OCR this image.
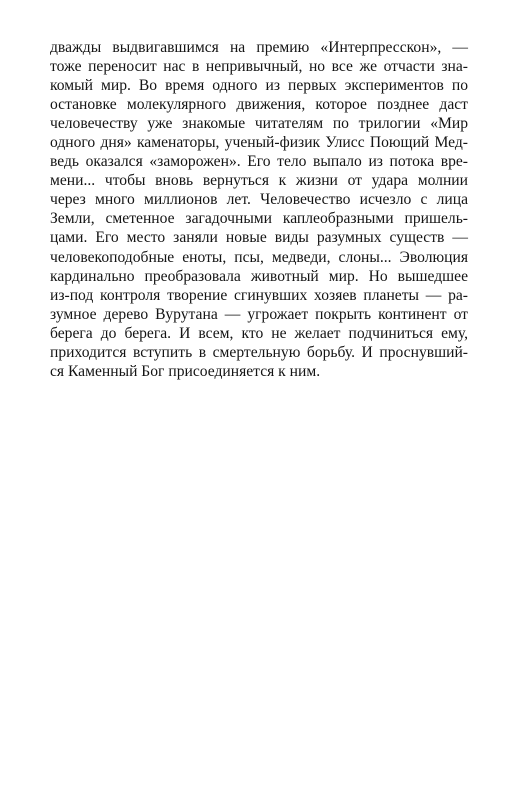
дважды выдвигавшимся на премию «Интерпресскон», —
тоже переносит нас в непривычный, но все же отчасти зна-
комый мир. Во время одного из первых экспериментов по
остановке молекулярного движения, которое позднее даст
человечеству уже знакомые читателям по трилогии «Мир
одного дня» каменаторы, ученый-физик Улисс Поющий Мед-
ведь оказался «заморожен». Его тело выпало из потока вре-
мени... чтобы вновь вернуться к жизни от удара молнии
через много миллионов лет. Человечество исчезло с лица
Земли, сметенное загадочными каплеобразными пришель-
цами. Его место заняли новые виды разумных существ —
человекоподобные еноты, псы, медведи, слоны... Эволюция
кардинально преобразовала животный мир. Но вышедшее
из-под контроля творение сгинувших хозяев планеты — ра-
зумное дерево Вурутана — угрожает покрыть континент от
берега до берега. И всем, кто не желает подчиниться ему,
приходится вступить в смертельную борьбу. И проснувший-
ся Каменный Бог присоединяется к ним.
